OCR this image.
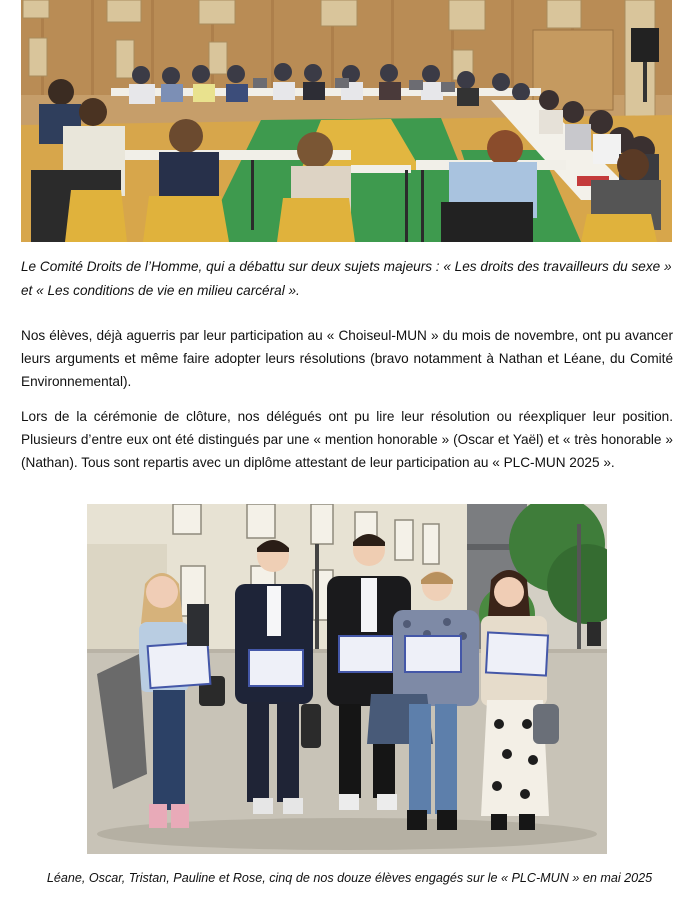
Le Comité Droits de l’Homme, qui a débattu sur deux sujets majeurs : « Les droits des travailleurs du sexe » et « Les conditions de vie en milieu carcéral ».

Nos élèves, déjà aguerris par leur participation au « Choiseul-MUN » du mois de novembre, ont pu avancer leurs arguments et même faire adopter leurs résolutions (bravo notamment à Nathan et Léane, du Comité Environnemental).

Lors de la cérémonie de clôture, nos délégués ont pu lire leur résolution ou réexpliquer leur position. Plusieurs d’entre eux ont été distingués par une « mention honorable » (Oscar et Yaël) et « très honorable » (Nathan). Tous sont repartis avec un diplôme attestant de leur participation au « PLC-MUN 2025 ».

Léane, Oscar, Tristan, Pauline et Rose, cinq de nos douze élèves engagés sur le « PLC-MUN » en mai 2025
